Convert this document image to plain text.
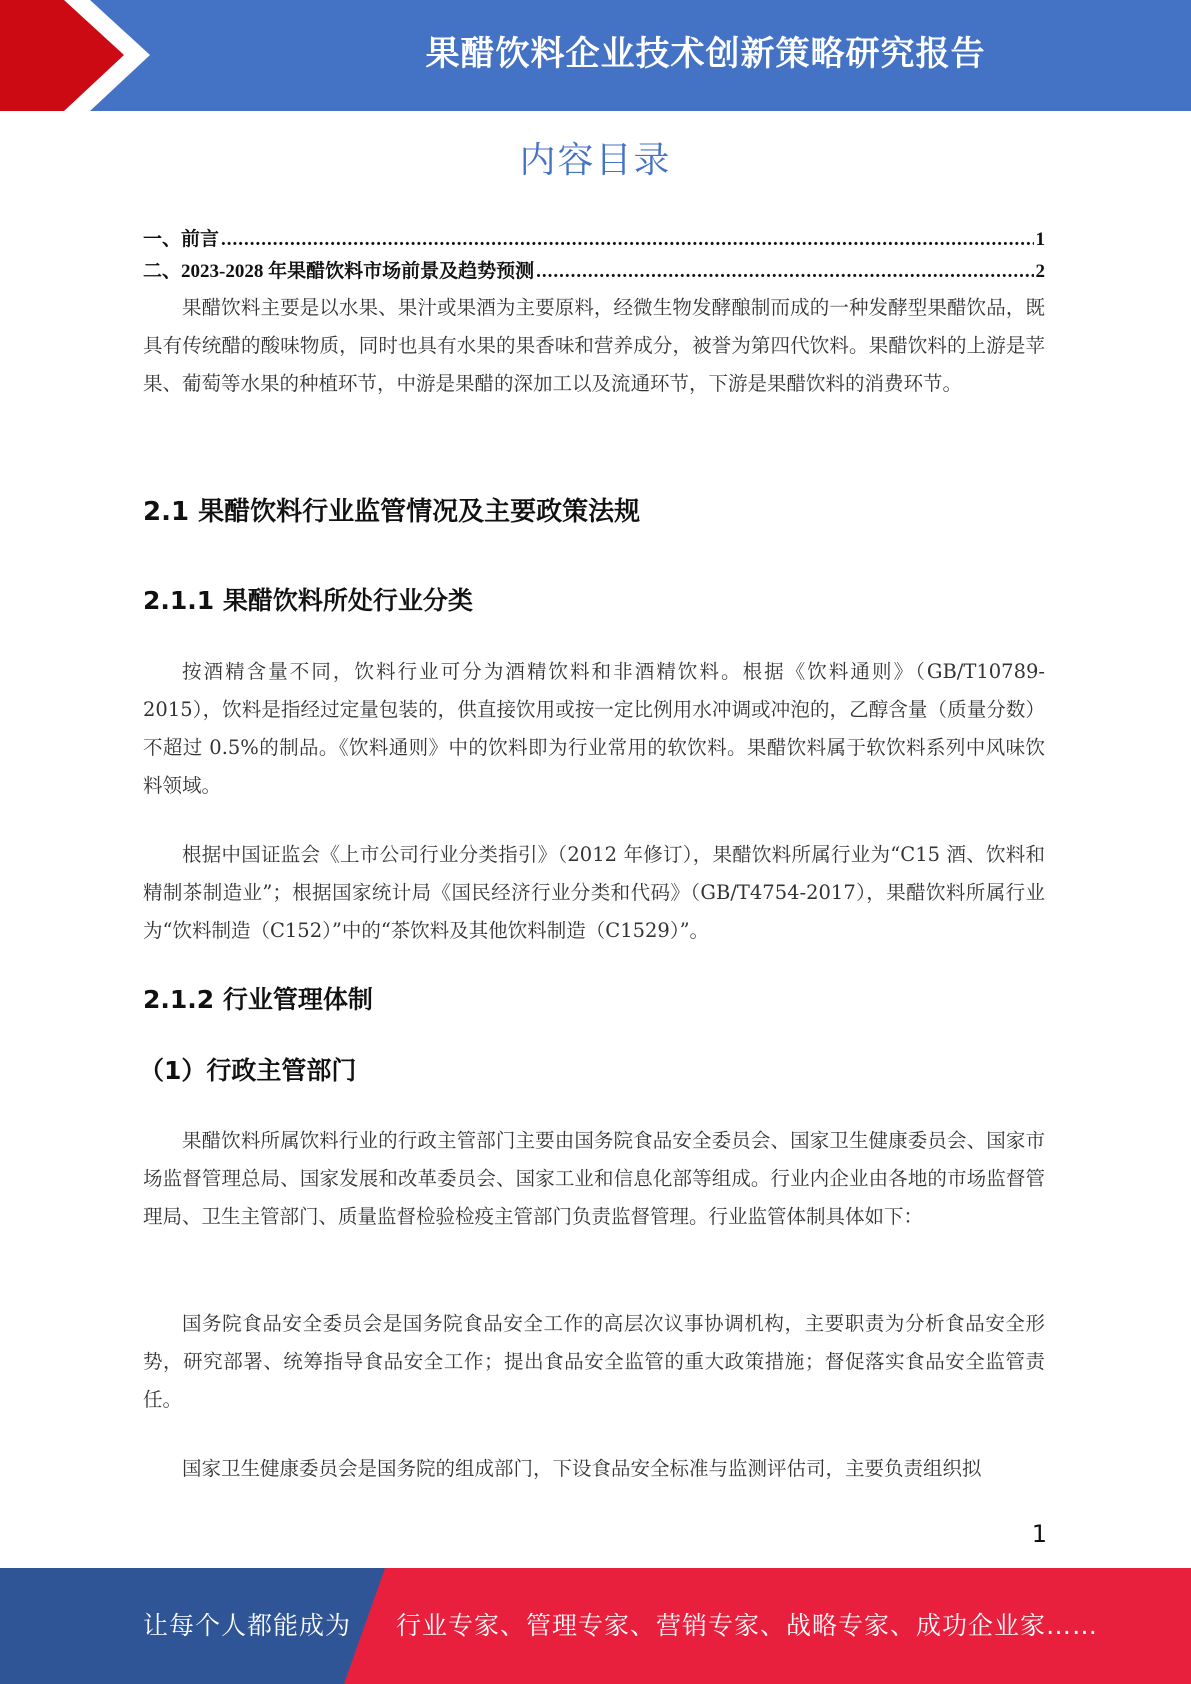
果醋饮料企业技术创新策略研究报告
内容目录
一、前言 .....	1
二、2023-2028 年果醋饮料市场前景及趋势预测 .....	2

果醋饮料主要是以水果、果汁或果酒为主要原料，经微生物发酵酿制而成的一种发酵型果醋饮品，既具有传统醋的酸味物质，同时也具有水果的果香味和营养成分，被誉为第四代饮料。果醋饮料的上游是苹果、葡萄等水果的种植环节，中游是果醋的深加工以及流通环节，下游是果醋饮料的消费环节。

2.1 果醋饮料行业监管情况及主要政策法规
2.1.1 果醋饮料所处行业分类

按酒精含量不同，饮料行业可分为酒精饮料和非酒精饮料。根据《饮料通则》（GB/T10789-2015），饮料是指经过定量包装的，供直接饮用或按一定比例用水冲调或冲泡的，乙醇含量（质量分数）不超过 0.5%的制品。《饮料通则》中的饮料即为行业常用的软饮料。果醋饮料属于软饮料系列中风味饮料领域。

根据中国证监会《上市公司行业分类指引》（2012 年修订），果醋饮料所属行业为“C15 酒、饮料和精制茶制造业”；根据国家统计局《国民经济行业分类和代码》（GB/T4754-2017），果醋饮料所属行业为“饮料制造（C152）”中的“茶饮料及其他饮料制造（C1529）”。

2.1.2 行业管理体制
（1）行政主管部门

果醋饮料所属饮料行业的行政主管部门主要由国务院食品安全委员会、国家卫生健康委员会、国家市场监督管理总局、国家发展和改革委员会、国家工业和信息化部等组成。行业内企业由各地的市场监督管理局、卫生主管部门、质量监督检验检疫主管部门负责监督管理。行业监管体制具体如下：

国务院食品安全委员会是国务院食品安全工作的高层次议事协调机构，主要职责为分析食品安全形势，研究部署、统筹指导食品安全工作；提出食品安全监管的重大政策措施；督促落实食品安全监管责任。

国家卫生健康委员会是国务院的组成部门，下设食品安全标准与监测评估司，主要负责组织拟

1
让每个人都能成为 行业专家、管理专家、营销专家、战略专家、成功企业家……
